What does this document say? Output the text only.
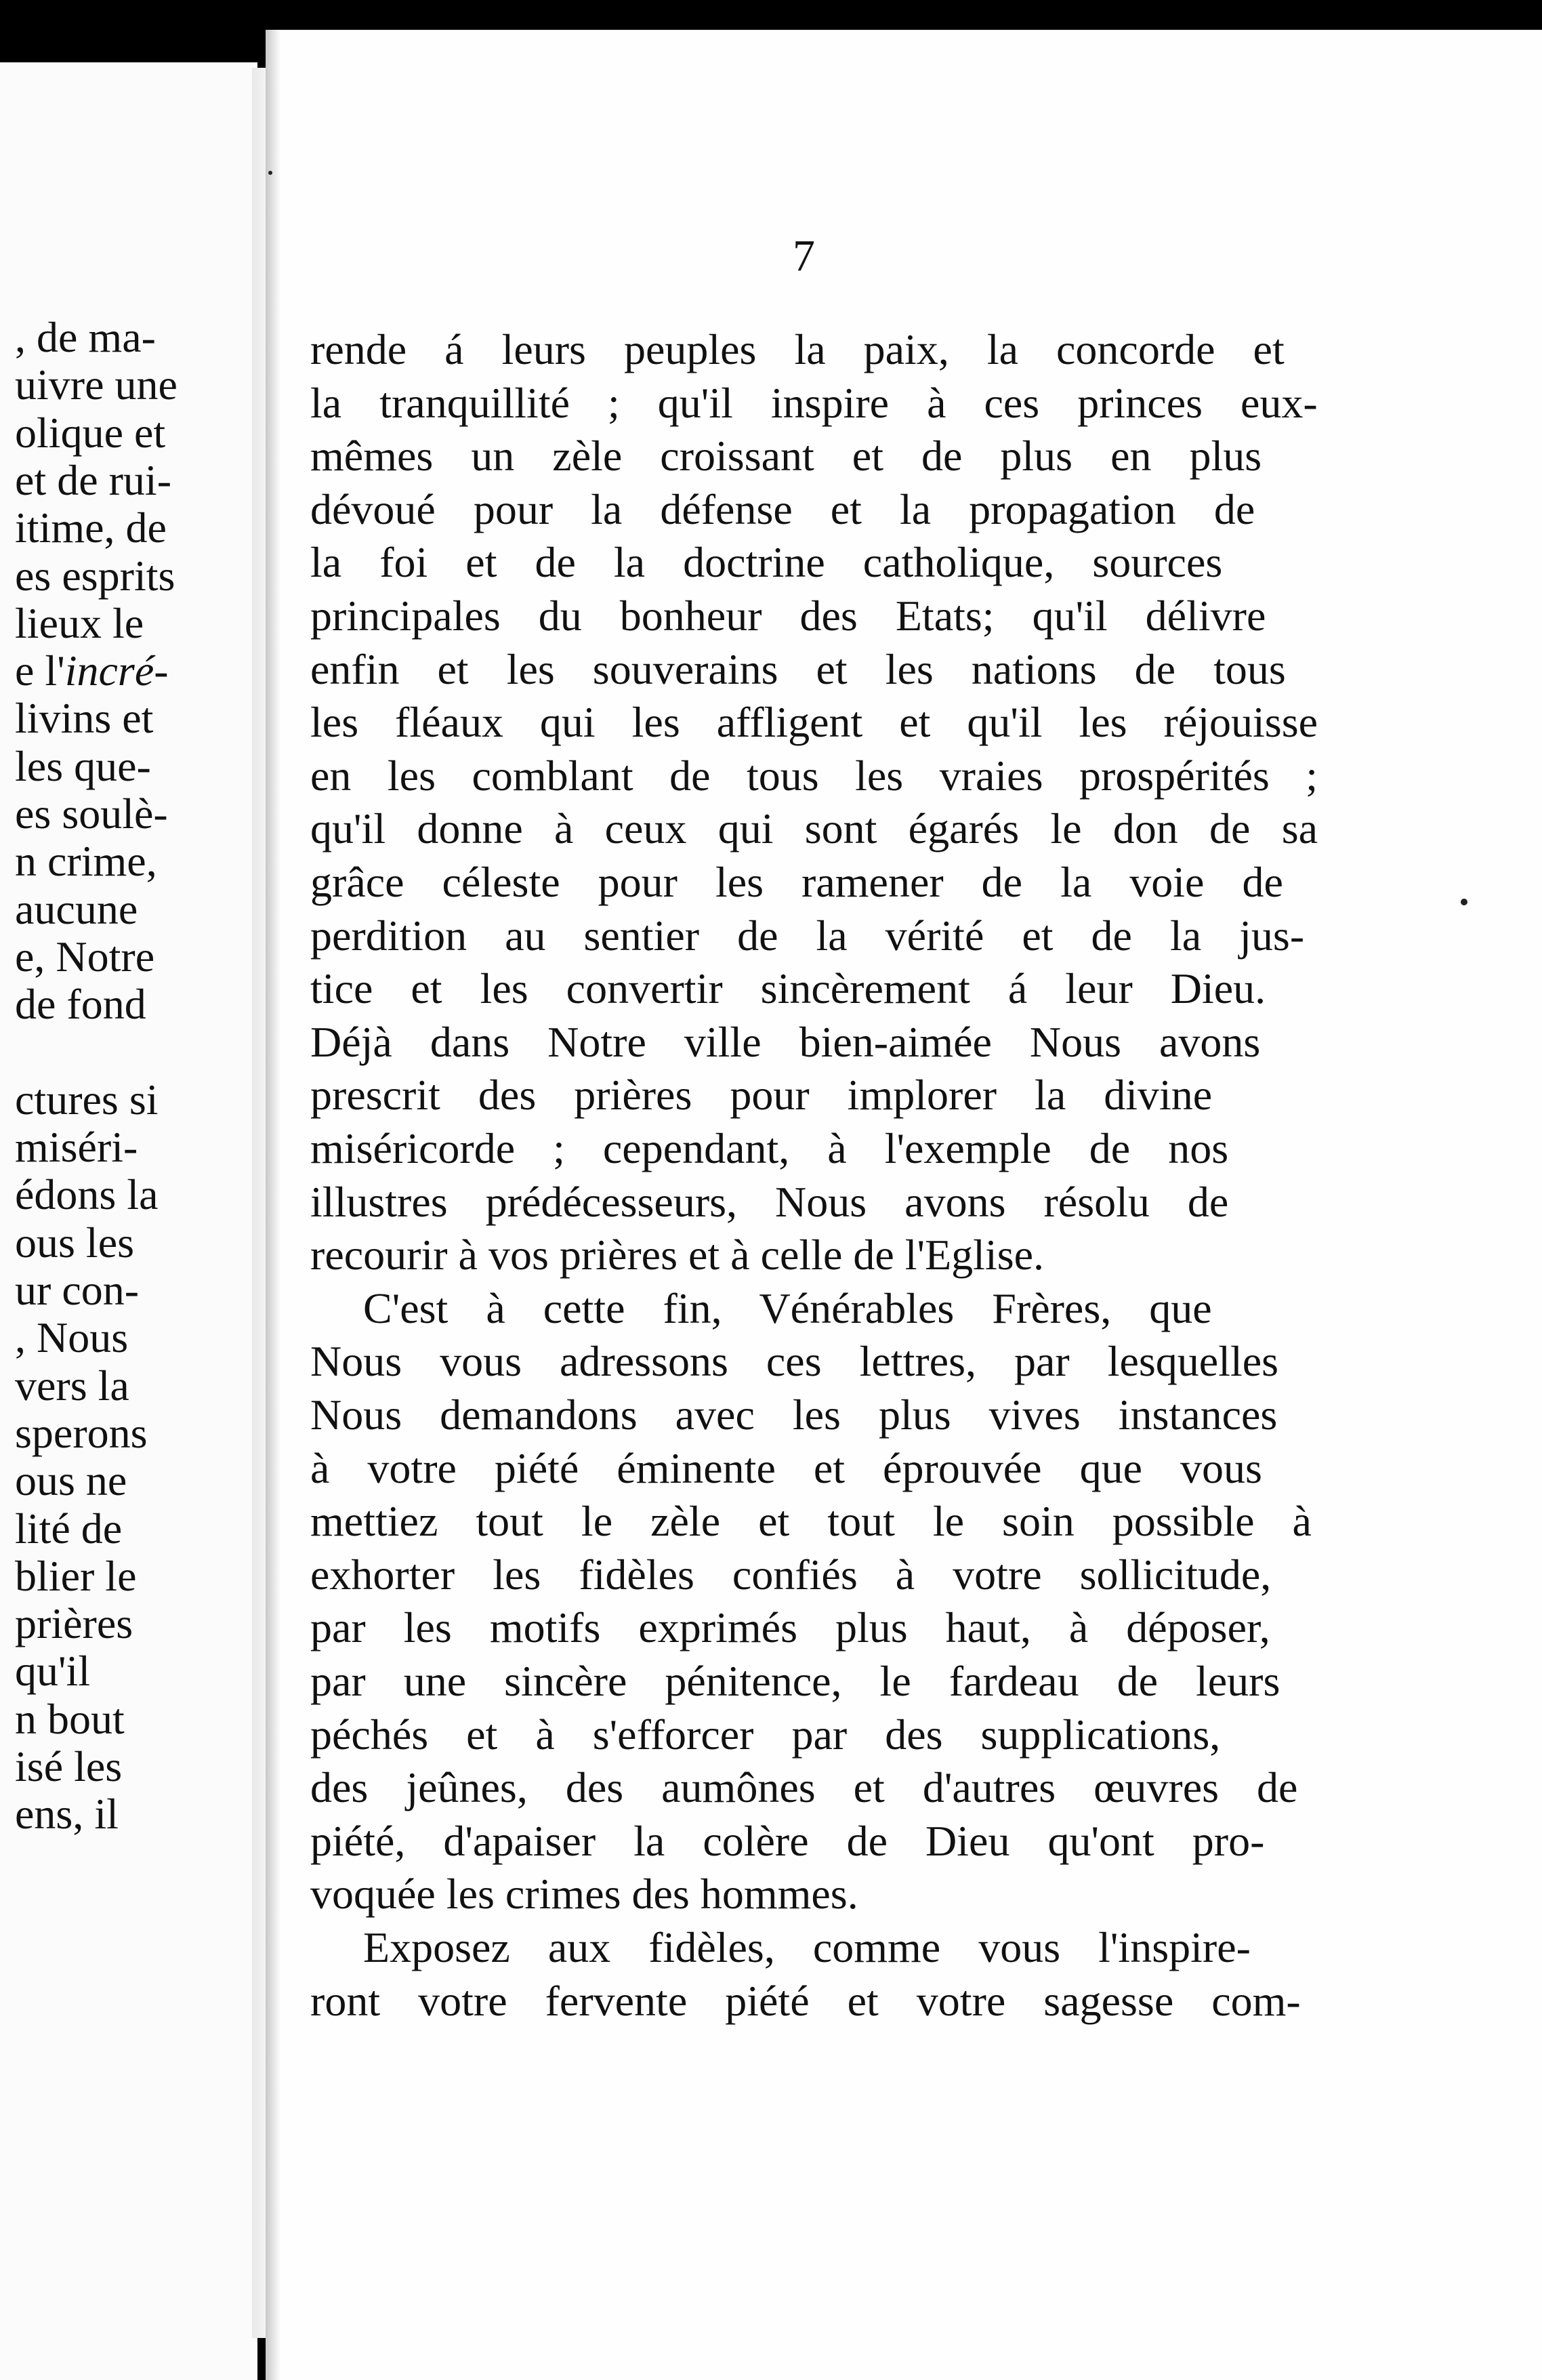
, de ma-
uivre une
olique et
et de rui-
itime, de
es esprits
lieux le
e l'incré-
livins et
les que-
es soulè-
n crime,
aucune
e, Notre
de fond
ctures si
miséri-
édons la
ous les
ur con-
, Nous
vers la
sperons
ous ne
lité de
blier le
prières
qu'il
n bout
isé les
ens, il
7
rende á leurs peuples la paix, la concorde et
la tranquillité ; qu'il inspire à ces princes eux-
mêmes un zèle croissant et de plus en plus
dévoué pour la défense et la propagation de
la foi et de la doctrine catholique, sources
principales du bonheur des Etats; qu'il délivre
enfin et les souverains et les nations de tous
les fléaux qui les affligent et qu'il les réjouisse
en les comblant de tous les vraies prospérités ;
qu'il donne à ceux qui sont égarés le don de sa
grâce céleste pour les ramener de la voie de
perdition au sentier de la vérité et de la jus-
tice et les convertir sincèrement á leur Dieu.
Déjà dans Notre ville bien-aimée Nous avons
prescrit des prières pour implorer la divine
miséricorde ; cependant, à l'exemple de nos
illustres prédécesseurs, Nous avons résolu de
recourir à vos prières et à celle de l'Eglise.
C'est à cette fin, Vénérables Frères, que
Nous vous adressons ces lettres, par lesquelles
Nous demandons avec les plus vives instances
à votre piété éminente et éprouvée que vous
mettiez tout le zèle et tout le soin possible à
exhorter les fidèles confiés à votre sollicitude,
par les motifs exprimés plus haut, à déposer,
par une sincère pénitence, le fardeau de leurs
péchés et à s'efforcer par des supplications,
des jeûnes, des aumônes et d'autres œuvres de
piété, d'apaiser la colère de Dieu qu'ont pro-
voquée les crimes des hommes.
Exposez aux fidèles, comme vous l'inspire-
ront votre fervente piété et votre sagesse com-
